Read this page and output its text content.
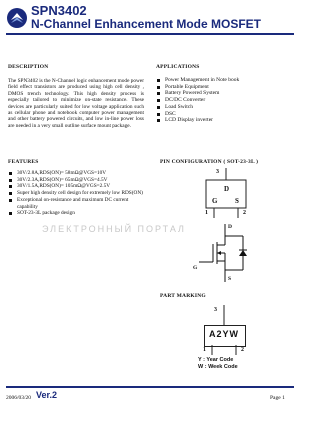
SPN3402
N-Channel Enhancement Mode MOSFET
DESCRIPTION
The SPN3402 is the N-Channel logic enhancement mode power field effect transistors are produced using high cell density , DMOS trench technology. This high density process is especially tailored to minimize on-state resistance. These devices are particularly suited for low voltage application such as cellular phone and notebook computer power management and other battery powered circuits, and low in-line power loss are needed in a very small outline surface mount package.
APPLICATIONS
Power Management in Note book
Portable Equipment
Battery Powered System
DC/DC Converter
Load Switch
DSC
LCD Display inverter
FEATURES
30V/2.8A,RDS(ON)= 58mΩ@VGS=10V
30V/2.3A,RDS(ON)= 65mΩ@VGS=4.5V
30V/1.5A,RDS(ON)= 105mΩ@VGS=2.5V
Super high density cell design for extremely low RDS(ON)
Exceptional on-resistance and maximum DC current capability
SOT-23-3L package design
ЭЛЕКТРОННЫЙ ПОРТАЛ
PIN CONFIGURATION ( SOT-23-3L )
3
D
G	S
1	2
D
G
S
PART MARKING
A2YW
3
1	2
Y : Year Code
W : Week Code
2006/03/20 Ver.2	Page 1
